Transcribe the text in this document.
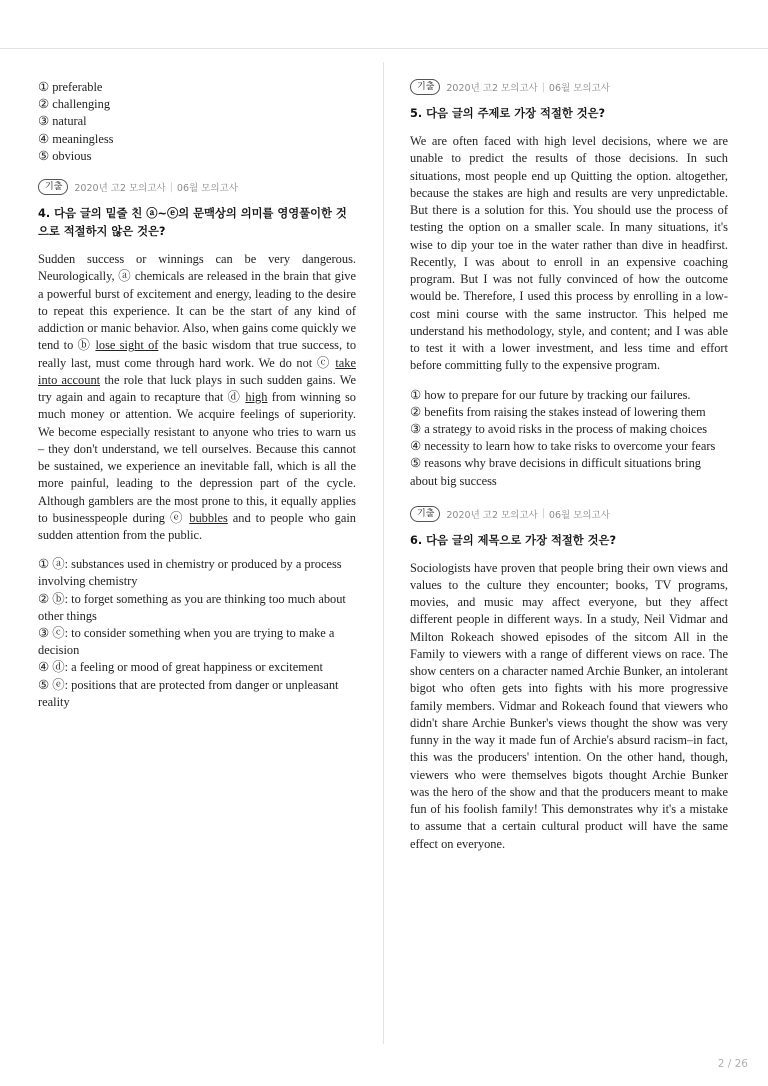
① preferable
② challenging
③ natural
④ meaningless
⑤ obvious
기출	2020년 고2 모의고사 | 06월 모의고사
4. 다음 글의 밑줄 친 ⓐ~ⓔ의 문맥상의 의미를 영영풀이한 것으로 적절하지 않은 것은?
Sudden success or winnings can be very dangerous. Neurologically, ⓐ chemicals are released in the brain that give a powerful burst of excitement and energy, leading to the desire to repeat this experience. It can be the start of any kind of addiction or manic behavior. Also, when gains come quickly we tend to ⓑ lose sight of the basic wisdom that true success, to really last, must come through hard work. We do not ⓒ take into account the role that luck plays in such sudden gains. We try again and again to recapture that ⓓ high from winning so much money or attention. We acquire feelings of superiority. We become especially resistant to anyone who tries to warn us – they don't understand, we tell ourselves. Because this cannot be sustained, we experience an inevitable fall, which is all the more painful, leading to the depression part of the cycle. Although gamblers are the most prone to this, it equally applies to businesspeople during ⓔ bubbles and to people who gain sudden attention from the public.
① ⓐ: substances used in chemistry or produced by a process involving chemistry
② ⓑ: to forget something as you are thinking too much about other things
③ ⓒ: to consider something when you are trying to make a decision
④ ⓓ: a feeling or mood of great happiness or excitement
⑤ ⓔ: positions that are protected from danger or unpleasant reality
기출	2020년 고2 모의고사 | 06월 모의고사
5. 다음 글의 주제로 가장 적절한 것은?
We are often faced with high level decisions, where we are unable to predict the results of those decisions. In such situations, most people end up Quitting the option. altogether, because the stakes are high and results are very unpredictable. But there is a solution for this. You should use the process of testing the option on a smaller scale. In many situations, it's wise to dip your toe in the water rather than dive in headfirst. Recently, I was about to enroll in an expensive coaching program. But I was not fully convinced of how the outcome would be. Therefore, I used this process by enrolling in a low-cost mini course with the same instructor. This helped me understand his methodology, style, and content; and I was able to test it with a lower investment, and less time and effort before committing fully to the expensive program.
① how to prepare for our future by tracking our failures.
② benefits from raising the stakes instead of lowering them
③ a strategy to avoid risks in the process of making choices
④ necessity to learn how to take risks to overcome your fears
⑤ reasons why brave decisions in difficult situations bring about big success
기출	2020년 고2 모의고사 | 06월 모의고사
6. 다음 글의 제목으로 가장 적절한 것은?
Sociologists have proven that people bring their own views and values to the culture they encounter; books, TV programs, movies, and music may affect everyone, but they affect different people in different ways. In a study, Neil Vidmar and Milton Rokeach showed episodes of the sitcom All in the Family to viewers with a range of different views on race. The show centers on a character named Archie Bunker, an intolerant bigot who often gets into fights with his more progressive family members. Vidmar and Rokeach found that viewers who didn't share Archie Bunker's views thought the show was very funny in the way it made fun of Archie's absurd racism–in fact, this was the producers' intention. On the other hand, though, viewers who were themselves bigots thought Archie Bunker was the hero of the show and that the producers meant to make fun of his foolish family! This demonstrates why it's a mistake to assume that a certain cultural product will have the same effect on everyone.
2 / 26
